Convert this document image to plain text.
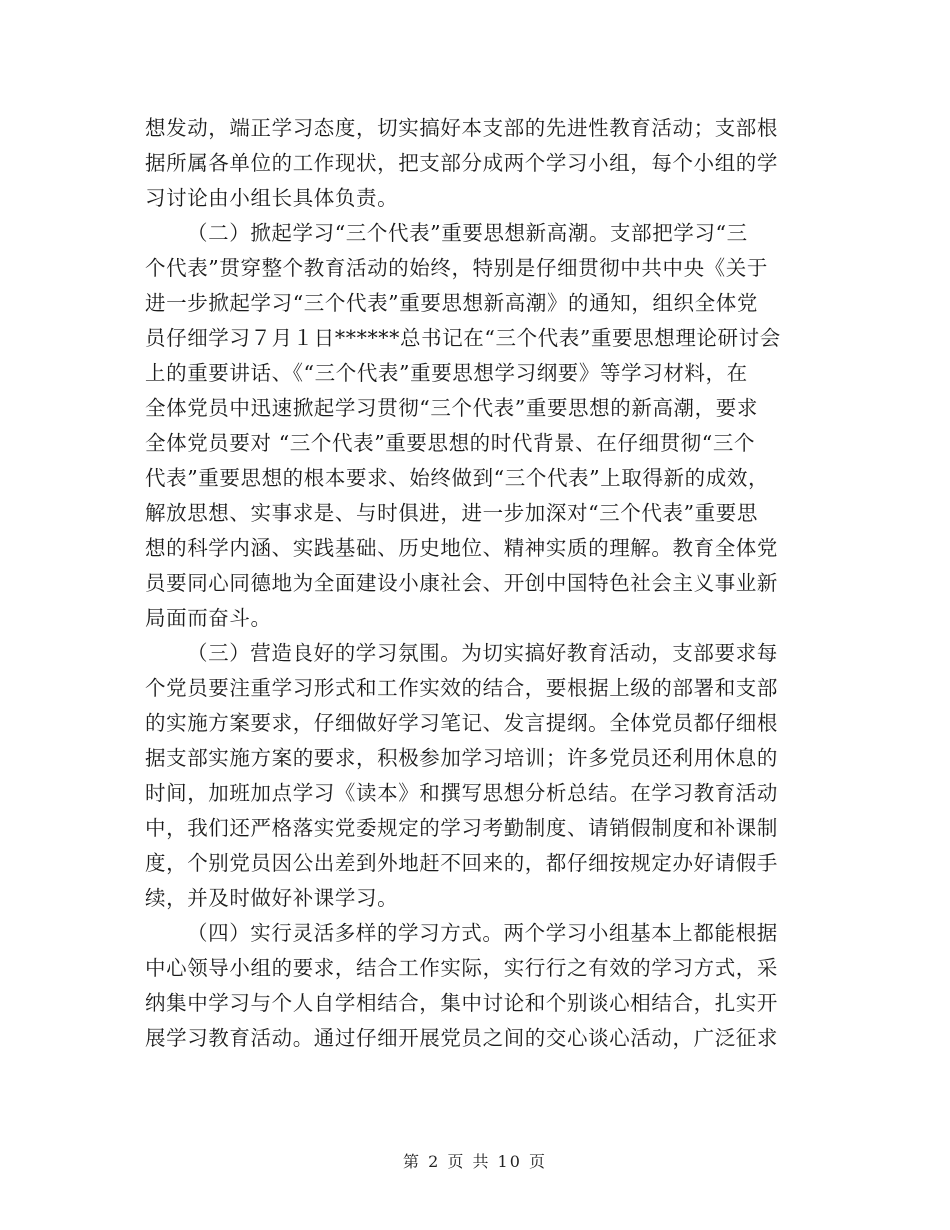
想发动，端正学习态度，切实搞好本支部的先进性教育活动；支部根
据所属各单位的工作现状，把支部分成两个学习小组，每个小组的学
习讨论由小组长具体负责。
（二）掀起学习“三个代表”重要思想新高潮。支部把学习“三
个代表”贯穿整个教育活动的始终，特别是仔细贯彻中共中央《关于
进一步掀起学习“三个代表”重要思想新高潮》的通知，组织全体党
员仔细学习７月１日******总书记在“三个代表”重要思想理论研讨会
上的重要讲话、《“三个代表”重要思想学习纲要》等学习材料，在
全体党员中迅速掀起学习贯彻“三个代表”重要思想的新高潮，要求
全体党员要对 “三个代表”重要思想的时代背景、在仔细贯彻“三个
代表”重要思想的根本要求、始终做到“三个代表”上取得新的成效，
解放思想、实事求是、与时俱进，进一步加深对“三个代表”重要思
想的科学内涵、实践基础、历史地位、精神实质的理解。教育全体党
员要同心同德地为全面建设小康社会、开创中国特色社会主义事业新
局面而奋斗。
（三）营造良好的学习氛围。为切实搞好教育活动，支部要求每
个党员要注重学习形式和工作实效的结合，要根据上级的部署和支部
的实施方案要求，仔细做好学习笔记、发言提纲。全体党员都仔细根
据支部实施方案的要求，积极参加学习培训；许多党员还利用休息的
时间，加班加点学习《读本》和撰写思想分析总结。在学习教育活动
中，我们还严格落实党委规定的学习考勤制度、请销假制度和补课制
度，个别党员因公出差到外地赶不回来的，都仔细按规定办好请假手
续，并及时做好补课学习。
（四）实行灵活多样的学习方式。两个学习小组基本上都能根据
中心领导小组的要求，结合工作实际，实行行之有效的学习方式，采
纳集中学习与个人自学相结合，集中讨论和个别谈心相结合，扎实开
展学习教育活动。通过仔细开展党员之间的交心谈心活动，广泛征求
第 2 页 共 10 页
